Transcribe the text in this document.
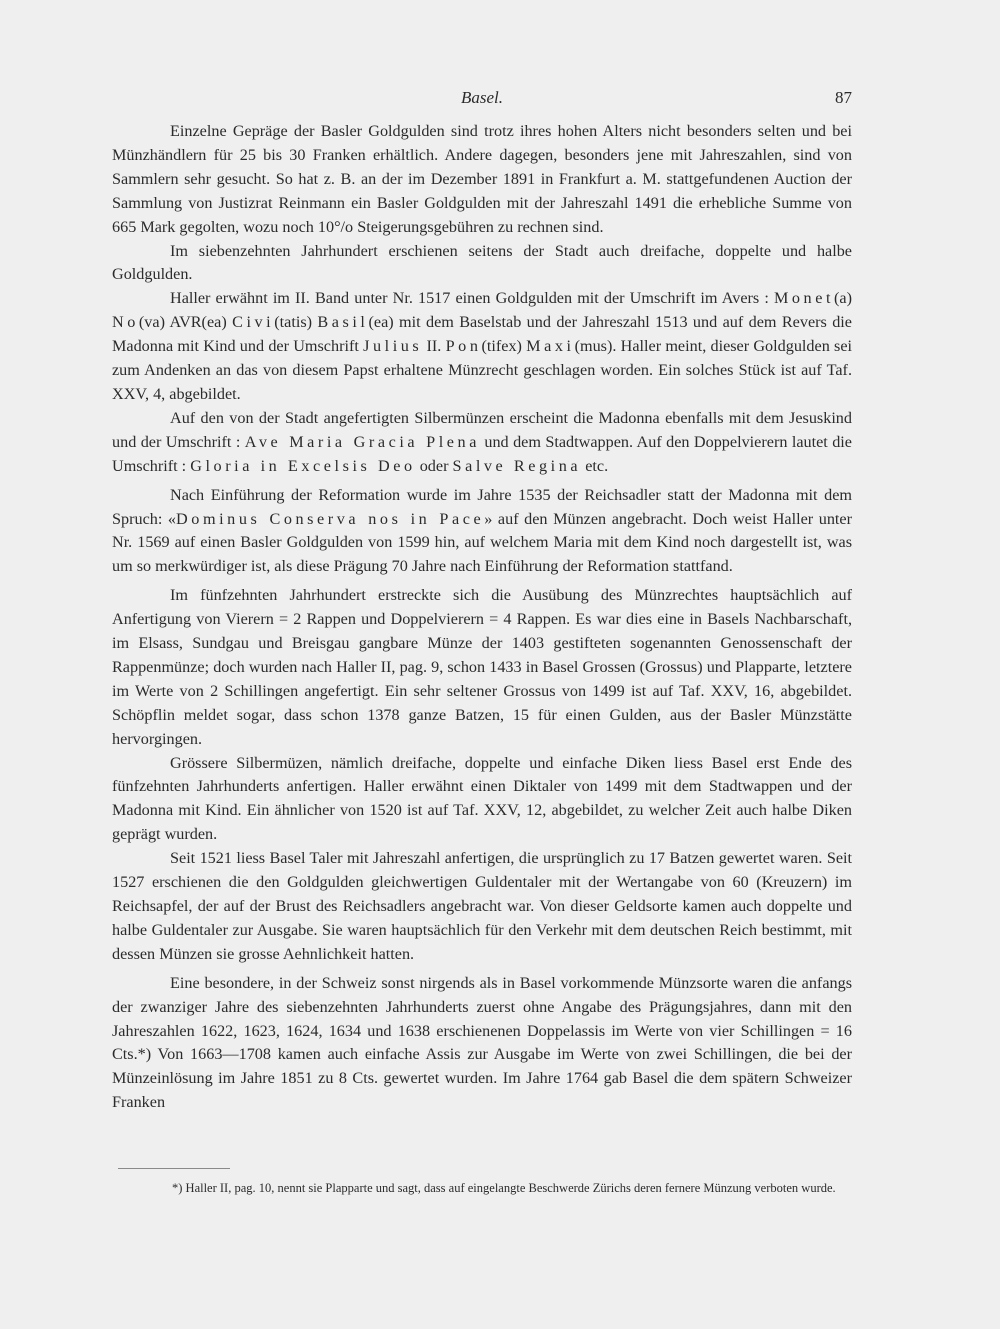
Basel.	87

Einzelne Gepräge der Basler Goldgulden sind trotz ihres hohen Alters nicht besonders selten und bei Münzhändlern für 25 bis 30 Franken erhältlich. Andere dagegen, besonders jene mit Jahreszahlen, sind von Sammlern sehr gesucht. So hat z. B. an der im Dezember 1891 in Frankfurt a. M. stattgefundenen Auction der Sammlung von Justizrat Reinmann ein Basler Goldgulden mit der Jahreszahl 1491 die erhebliche Summe von 665 Mark gegolten, wozu noch 10°/o Steigerungsgebühren zu rechnen sind.

Im siebenzehnten Jahrhundert erschienen seitens der Stadt auch dreifache, doppelte und halbe Goldgulden.

Haller erwähnt im II. Band unter Nr. 1517 einen Goldgulden mit der Umschrift im Avers : Monet(a) No(va) AVR(ea) Civi(tatis) Basil(ea) mit dem Baselstab und der Jahreszahl 1513 und auf dem Revers die Madonna mit Kind und der Umschrift Julius II. Pon(tifex) Maxi(mus). Haller meint, dieser Goldgulden sei zum Andenken an das von diesem Papst erhaltene Münzrecht geschlagen worden. Ein solches Stück ist auf Taf. XXV, 4, abgebildet.

Auf den von der Stadt angefertigten Silbermünzen erscheint die Madonna ebenfalls mit dem Jesuskind und der Umschrift : Ave Maria Gracia Plena und dem Stadtwappen. Auf den Doppelvierern lautet die Umschrift : Gloria in Excelsis Deo oder Salve Regina etc.

Nach Einführung der Reformation wurde im Jahre 1535 der Reichsadler statt der Madonna mit dem Spruch: «Dominus Conserva nos in Pace» auf den Münzen angebracht. Doch weist Haller unter Nr. 1569 auf einen Basler Goldgulden von 1599 hin, auf welchem Maria mit dem Kind noch dargestellt ist, was um so merkwürdiger ist, als diese Prägung 70 Jahre nach Einführung der Reformation stattfand.

Im fünfzehnten Jahrhundert erstreckte sich die Ausübung des Münzrechtes hauptsächlich auf Anfertigung von Vierern = 2 Rappen und Doppelvierern = 4 Rappen. Es war dies eine in Basels Nachbarschaft, im Elsass, Sundgau und Breisgau gangbare Münze der 1403 gestifteten sogenannten Genossenschaft der Rappenmünze; doch wurden nach Haller II, pag. 9, schon 1433 in Basel Grossen (Grossus) und Plapparte, letztere im Werte von 2 Schillingen angefertigt. Ein sehr seltener Grossus von 1499 ist auf Taf. XXV, 16, abgebildet. Schöpflin meldet sogar, dass schon 1378 ganze Batzen, 15 für einen Gulden, aus der Basler Münzstätte hervorgingen.

Grössere Silbermüzen, nämlich dreifache, doppelte und einfache Diken liess Basel erst Ende des fünfzehnten Jahrhunderts anfertigen. Haller erwähnt einen Diktaler von 1499 mit dem Stadtwappen und der Madonna mit Kind. Ein ähnlicher von 1520 ist auf Taf. XXV, 12, abgebildet, zu welcher Zeit auch halbe Diken geprägt wurden.

Seit 1521 liess Basel Taler mit Jahreszahl anfertigen, die ursprünglich zu 17 Batzen gewertet waren. Seit 1527 erschienen die den Goldgulden gleichwertigen Guldentaler mit der Wertangabe von 60 (Kreuzern) im Reichsapfel, der auf der Brust des Reichsadlers angebracht war. Von dieser Geldsorte kamen auch doppelte und halbe Guldentaler zur Ausgabe. Sie waren hauptsächlich für den Verkehr mit dem deutschen Reich bestimmt, mit dessen Münzen sie grosse Aehnlichkeit hatten.

Eine besondere, in der Schweiz sonst nirgends als in Basel vorkommende Münzsorte waren die anfangs der zwanziger Jahre des siebenzehnten Jahrhunderts zuerst ohne Angabe des Prägungsjahres, dann mit den Jahreszahlen 1622, 1623, 1624, 1634 und 1638 erschienenen Doppelassis im Werte von vier Schillingen = 16 Cts.*) Von 1663—1708 kamen auch einfache Assis zur Ausgabe im Werte von zwei Schillingen, die bei der Münzeinlösung im Jahre 1851 zu 8 Cts. gewertet wurden. Im Jahre 1764 gab Basel die dem spätern Schweizer Franken

*) Haller II, pag. 10, nennt sie Plapparte und sagt, dass auf eingelangte Beschwerde Zürichs deren fernere Münzung verboten wurde.
